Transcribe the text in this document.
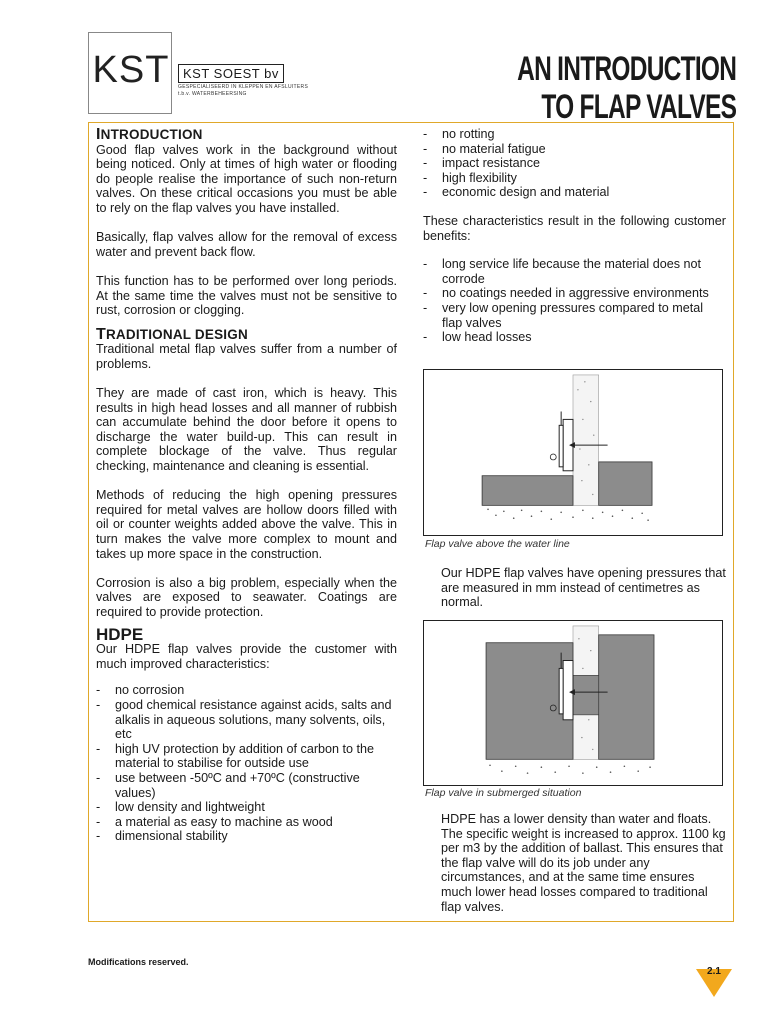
KST	KST SOEST bv
GESPECIALISEERD IN KLEPPEN EN AFSLUITERS
t.b.v. WATERBEHEERSING
AN INTRODUCTION
TO FLAP VALVES
INTRODUCTION

Good flap valves work in the background without being noticed. Only at times of high water or flooding do people realise the importance of such non-return valves. On these critical occasions you must be able to rely on the flap valves you have installed.

Basically, flap valves allow for the removal of excess water and prevent back flow.

This function has to be performed over long periods. At the same time the valves must not be sensitive to rust, corrosion or clogging.

TRADITIONAL DESIGN

Traditional metal flap valves suffer from a number of problems.

They are made of cast iron, which is heavy. This results in high head losses and all manner of rubbish can accumulate behind the door before it opens to discharge the water build-up. This can result in complete blockage of the valve. Thus regular checking, maintenance and cleaning is essential.

Methods of reducing the high opening pressures required for metal valves are hollow doors filled with oil or counter weights added above the valve. This in turn makes the valve more complex to mount and takes up more space in the construction.

Corrosion is also a big problem, especially when the valves are exposed to seawater. Coatings are required to provide protection.

HDPE

Our HDPE flap valves provide the customer with much improved characteristics:

- no corrosion
- good chemical resistance against acids, salts and alkalis in aqueous solutions, many solvents, oils, etc
- high UV protection by addition of carbon to the material to stabilise for outside use
- use between -50ºC and +70ºC (constructive values)
- low density and lightweight
- a material as easy to machine as wood
- dimensional stability
- no rotting
- no material fatigue
- impact resistance
- high flexibility
- economic design and material

These characteristics result in the following customer benefits:

- long service life because the material does not corrode
- no coatings needed in aggressive environments
- very low opening pressures compared to metal flap valves
- low head losses
Flap valve above the water line

Our HDPE flap valves have opening pressures that are measured in mm instead of centimetres as normal.

Flap valve in submerged situation

HDPE has a lower density than water and floats. The specific weight is increased to approx. 1100 kg per m3 by the addition of ballast. This ensures that the flap valve will do its job under any circumstances, and at the same time ensures much lower head losses compared to traditional flap valves.

Modifications reserved.
2.1
